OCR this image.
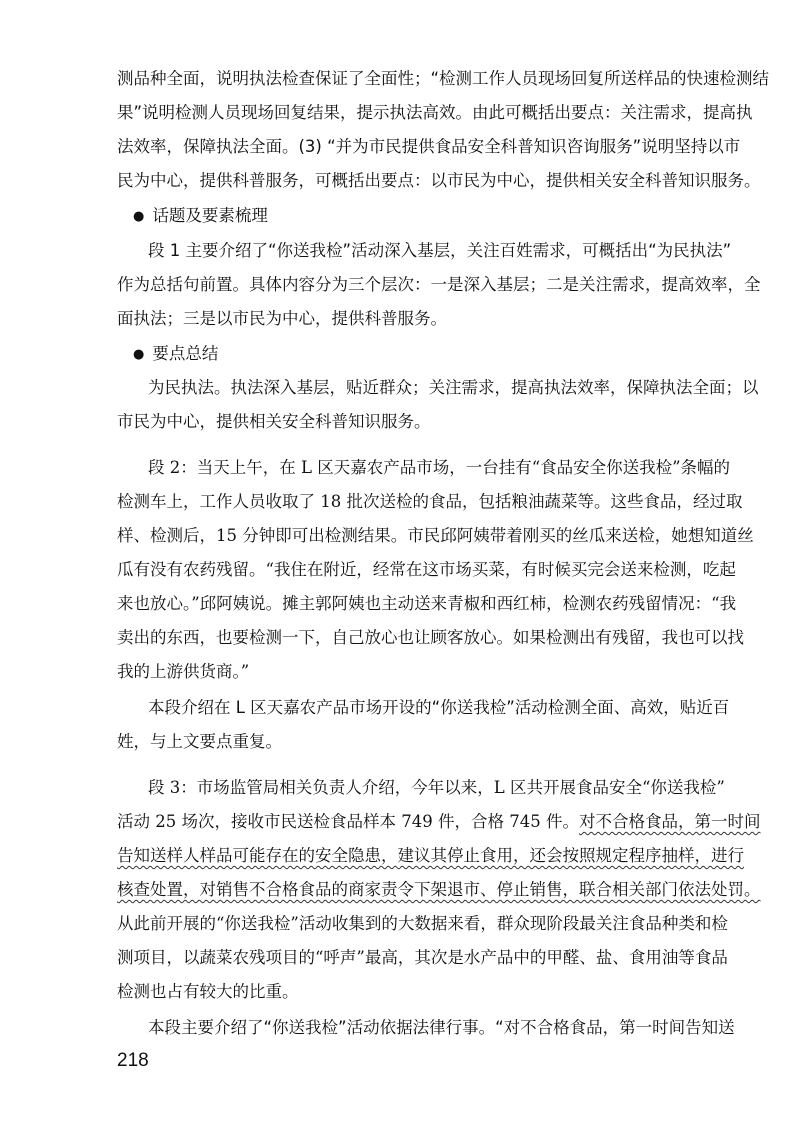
测品种全面，说明执法检查保证了全面性；“检测工作人员现场回复所送样品的快速检测结
果”说明检测人员现场回复结果，提示执法高效。由此可概括出要点：关注需求，提高执
法效率，保障执法全面。(3) “并为市民提供食品安全科普知识咨询服务”说明坚持以市
民为中心，提供科普服务，可概括出要点：以市民为中心，提供相关安全科普知识服务。
● 话题及要素梳理
段 1 主要介绍了“你送我检”活动深入基层，关注百姓需求，可概括出“为民执法”
作为总括句前置。具体内容分为三个层次：一是深入基层；二是关注需求，提高效率，全
面执法；三是以市民为中心，提供科普服务。
● 要点总结
为民执法。执法深入基层，贴近群众；关注需求，提高执法效率，保障执法全面；以
市民为中心，提供相关安全科普知识服务。
段 2：当天上午，在 L 区天嘉农产品市场，一台挂有“食品安全你送我检”条幅的
检测车上，工作人员收取了 18 批次送检的食品，包括粮油蔬菜等。这些食品，经过取
样、检测后，15 分钟即可出检测结果。市民邱阿姨带着刚买的丝瓜来送检，她想知道丝
瓜有没有农药残留。“我住在附近，经常在这市场买菜，有时候买完会送来检测，吃起
来也放心。”邱阿姨说。摊主郭阿姨也主动送来青椒和西红柿，检测农药残留情况：“我
卖出的东西，也要检测一下，自己放心也让顾客放心。如果检测出有残留，我也可以找
我的上游供货商。”
本段介绍在 L 区天嘉农产品市场开设的“你送我检”活动检测全面、高效，贴近百
姓，与上文要点重复。
段 3：市场监管局相关负责人介绍，今年以来，L 区共开展食品安全“你送我检”
活动 25 场次，接收市民送检食品样本 749 件，合格 745 件。对不合格食品，第一时间
告知送样人样品可能存在的安全隐患，建议其停止食用，还会按照规定程序抽样，进行
核查处置，对销售不合格食品的商家责令下架退市、停止销售，联合相关部门依法处罚。
从此前开展的“你送我检”活动收集到的大数据来看，群众现阶段最关注食品种类和检
测项目，以蔬菜农残项目的“呼声”最高，其次是水产品中的甲醛、盐、食用油等食品
检测也占有较大的比重。
本段主要介绍了“你送我检”活动依据法律行事。“对不合格食品，第一时间告知送
218
